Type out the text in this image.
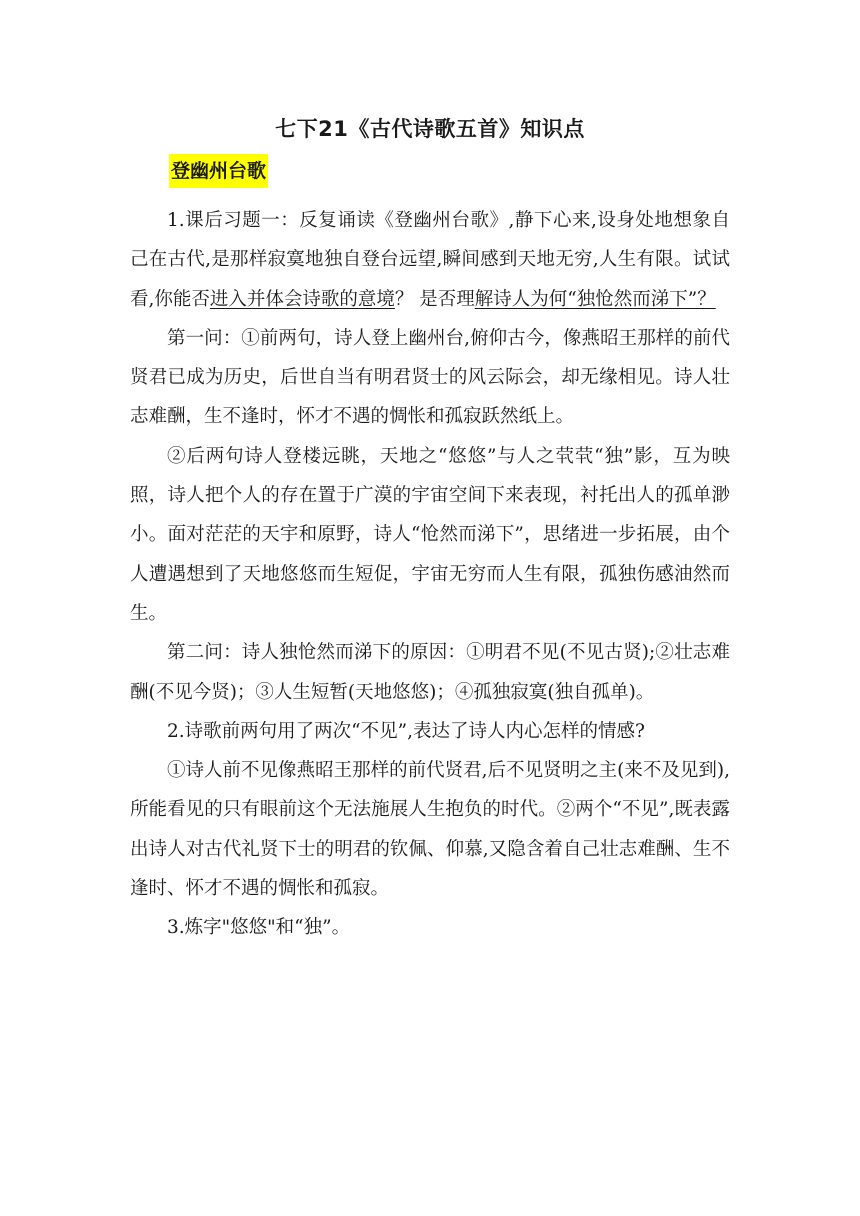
七下21《古代诗歌五首》知识点
登幽州台歌

1.课后习题一：反复诵读《登幽州台歌》,静下心来,设身处地想象自己在古代,是那样寂寞地独自登台远望,瞬间感到天地无穷,人生有限。试试看,你能否进入并体会诗歌的意境？ 是否理解诗人为何“独怆然而涕下”？

第一问：①前两句，诗人登上幽州台,俯仰古今，像燕昭王那样的前代贤君已成为历史，后世自当有明君贤士的风云际会，却无缘相见。诗人壮志难酬，生不逢时，怀才不遇的惆怅和孤寂跃然纸上。

②后两句诗人登楼远眺，天地之“悠悠”与人之茕茕“独”影，互为映照，诗人把个人的存在置于广漠的宇宙空间下来表现，衬托出人的孤单渺小。面对茫茫的天宇和原野，诗人“怆然而涕下”，思绪进一步拓展，由个人遭遇想到了天地悠悠而生短促，宇宙无穷而人生有限，孤独伤感油然而生。

第二问：诗人独怆然而涕下的原因：①明君不见(不见古贤);②壮志难酬(不见今贤)；③人生短暂(天地悠悠)；④孤独寂寞(独自孤单)。

2.诗歌前两句用了两次“不见”,表达了诗人内心怎样的情感?

①诗人前不见像燕昭王那样的前代贤君,后不见贤明之主(来不及见到),所能看见的只有眼前这个无法施展人生抱负的时代。②两个“不见”,既表露出诗人对古代礼贤下士的明君的钦佩、仰慕,又隐含着自己壮志难酬、生不逢时、怀才不遇的惆怅和孤寂。

3.炼字"悠悠"和“独”。
